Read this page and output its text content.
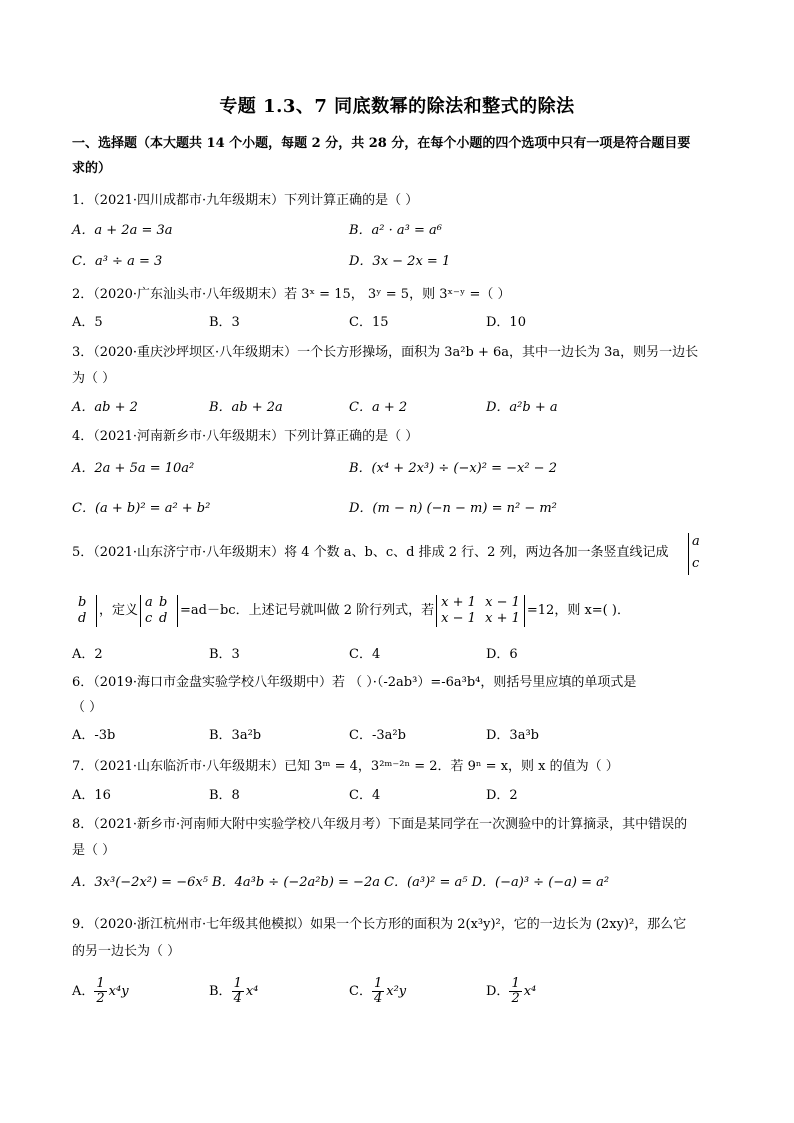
专题 1.3、7 同底数幂的除法和整式的除法
一、选择题（本大题共 14 个小题，每题 2 分，共 28 分，在每个小题的四个选项中只有一项是符合题目要
求的）
1．（2021·四川成都市·九年级期末）下列计算正确的是（ ）
A．a + 2a = 3a	B．a² · a³ = a⁶
C．a³ ÷ a = 3	D．3x − 2x = 1
2．（2020·广东汕头市·八年级期末）若 3ˣ = 15， 3ʸ = 5，则 3ˣ⁻ʸ =（ ）
A．5	B．3	C．15	D．10
3．（2020·重庆沙坪坝区·八年级期末）一个长方形操场，面积为 3a²b + 6a，其中一边长为 3a，则另一边长
为（ ）
A．ab + 2	B．ab + 2a	C．a + 2	D．a²b + a
4．（2021·河南新乡市·八年级期末）下列计算正确的是（ ）
A．2a + 5a = 10a²	B．(x⁴ + 2x³) ÷ (−x)² = −x² − 2
C．(a + b)² = a² + b²	D．(m − n) (−n − m) = n² − m²
5．（2021·山东济宁市·八年级期末）将 4 个数 a、b、c、d 排成 2 行、2 列，两边各加一条竖直线记成
a
c
b
d ，定义
a b
c d =ad－bc．上述记号就叫做 2 阶行列式，若
x + 1 x − 1
x − 1 x + 1 =12，则 x=( )．
A．2	B．3	C．4	D．6
6．（2019·海口市金盘实验学校八年级期中）若 （ ）·（-2ab³）=-6a³b⁴，则括号里应填的单项式是
（ ）
A．-3b	B．3a²b	C．-3a²b	D．3a³b
7．（2021·山东临沂市·八年级期末）已知 3ᵐ = 4，3²ᵐ⁻²ⁿ = 2．若 9ⁿ = x，则 x 的值为（ ）
A．16	B．8	C．4	D．2
8．（2021·新乡市·河南师大附中实验学校八年级月考）下面是某同学在一次测验中的计算摘录，其中错误的
是（ ）
A．3x³(−2x²) = −6x⁵ B．4a³b ÷ (−2a²b) = −2a C．(a³)² = a⁵ D．(−a)³ ÷ (−a) = a²
9．（2020·浙江杭州市·七年级其他模拟）如果一个长方形的面积为 2(x³y)²，它的一边长为 (2xy)²，那么它
的另一边长为（ ）
A． $\frac{1}{2} x^4y$	B． $\frac{1}{4} x^4$	C． $\frac{1}{4} x^2y$	D． $\frac{1}{2} x^4$
